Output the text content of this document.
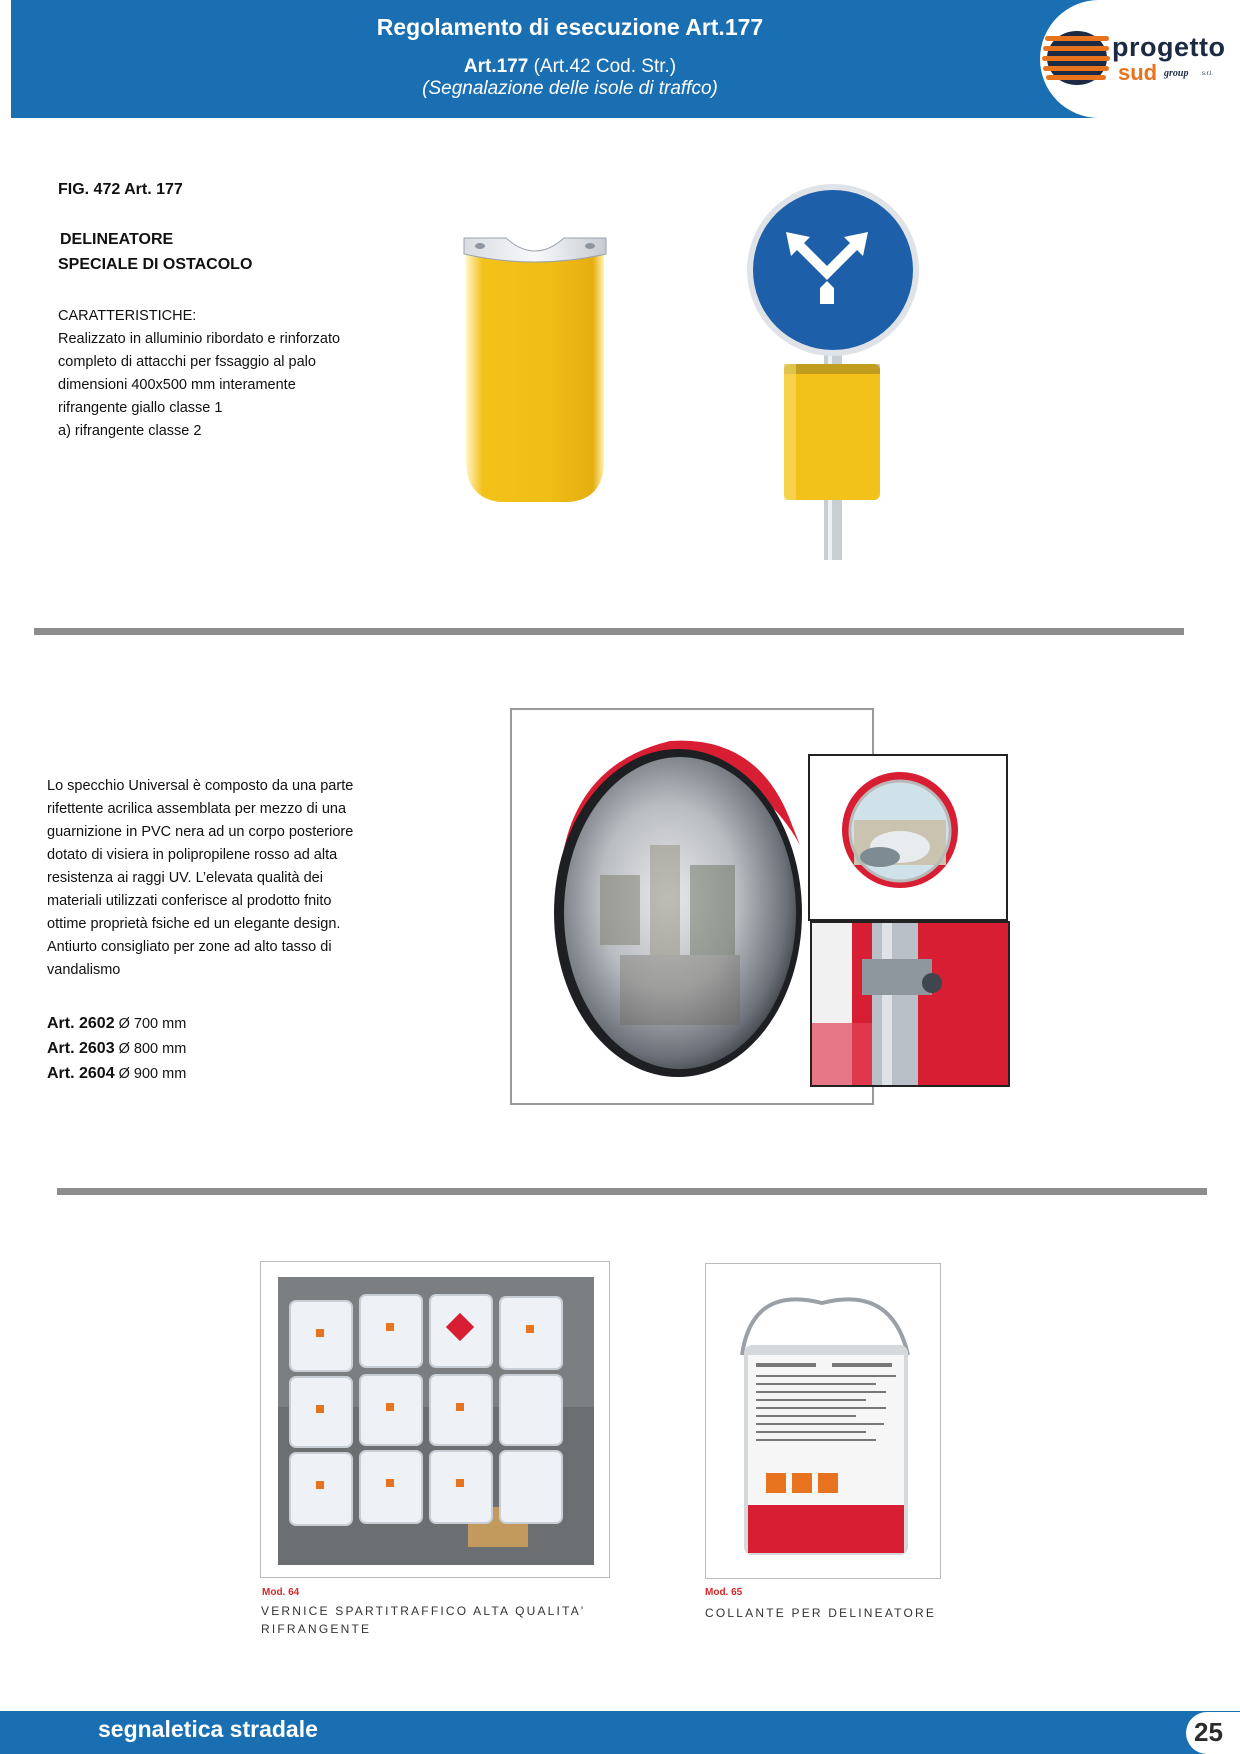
Regolamento di esecuzione Art.177
Art.177 (Art.42 Cod. Str.)
(Segnalazione delle isole di traffco)
progetto
sud group s.r.l.
FIG. 472 Art. 177
DELINEATORE
SPECIALE DI OSTACOLO
CARATTERISTICHE:
Realizzato in alluminio ribordato e rinforzato
completo di attacchi per fssaggio al palo
dimensioni 400x500 mm interamente
rifrangente giallo classe 1
a) rifrangente classe 2
Lo specchio Universal è composto da una parte
rifettente acrilica assemblata per mezzo di una
guarnizione in PVC nera ad un corpo posteriore
dotato di visiera in polipropilene rosso ad alta
resistenza ai raggi UV. L’elevata qualità dei
materiali utilizzati conferisce al prodotto fnito
ottime proprietà fsiche ed un elegante design.
Antiurto consigliato per zone ad alto tasso di
vandalismo
Art. 2602 Ø 700 mm
Art. 2603 Ø 800 mm
Art. 2604 Ø 900 mm
Mod. 64
VERNICE SPARTITRAFFICO ALTA QUALITA'
RIFRANGENTE
Mod. 65
COLLANTE PER DELINEATORE
segnaletica stradale	25
